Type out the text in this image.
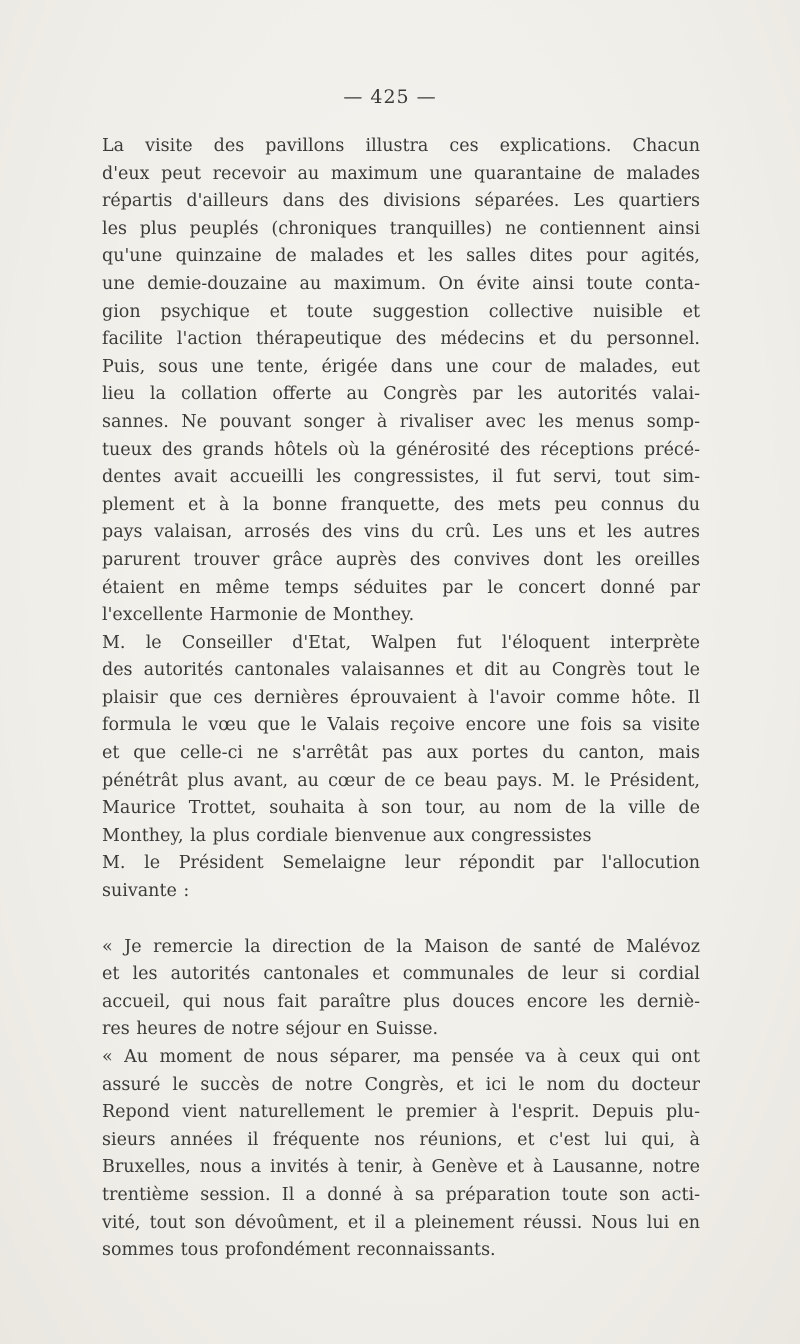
— 425 —
La visite des pavillons illustra ces explications. Chacun
d'eux peut recevoir au maximum une quarantaine de malades
répartis d'ailleurs dans des divisions séparées. Les quartiers
les plus peuplés (chroniques tranquilles) ne contiennent ainsi
qu'une quinzaine de malades et les salles dites pour agités,
une demie-douzaine au maximum. On évite ainsi toute conta-
gion psychique et toute suggestion collective nuisible et
facilite l'action thérapeutique des médecins et du personnel.
Puis, sous une tente, érigée dans une cour de malades, eut
lieu la collation offerte au Congrès par les autorités valai-
sannes. Ne pouvant songer à rivaliser avec les menus somp-
tueux des grands hôtels où la générosité des réceptions précé-
dentes avait accueilli les congressistes, il fut servi, tout sim-
plement et à la bonne franquette, des mets peu connus du
pays valaisan, arrosés des vins du crû. Les uns et les autres
parurent trouver grâce auprès des convives dont les oreilles
étaient en même temps séduites par le concert donné par
l'excellente Harmonie de Monthey.
M. le Conseiller d'Etat, Walpen fut l'éloquent interprète
des autorités cantonales valaisannes et dit au Congrès tout le
plaisir que ces dernières éprouvaient à l'avoir comme hôte. Il
formula le vœu que le Valais reçoive encore une fois sa visite
et que celle-ci ne s'arrêtât pas aux portes du canton, mais
pénétrât plus avant, au cœur de ce beau pays. M. le Président,
Maurice Trottet, souhaita à son tour, au nom de la ville de
Monthey, la plus cordiale bienvenue aux congressistes
M. le Président Semelaigne leur répondit par l'allocution
suivante :
« Je remercie la direction de la Maison de santé de Malévoz
et les autorités cantonales et communales de leur si cordial
accueil, qui nous fait paraître plus douces encore les derniè-
res heures de notre séjour en Suisse.
« Au moment de nous séparer, ma pensée va à ceux qui ont
assuré le succès de notre Congrès, et ici le nom du docteur
Repond vient naturellement le premier à l'esprit. Depuis plu-
sieurs années il fréquente nos réunions, et c'est lui qui, à
Bruxelles, nous a invités à tenir, à Genève et à Lausanne, notre
trentième session. Il a donné à sa préparation toute son acti-
vité, tout son dévoûment, et il a pleinement réussi. Nous lui en
sommes tous profondément reconnaissants.
